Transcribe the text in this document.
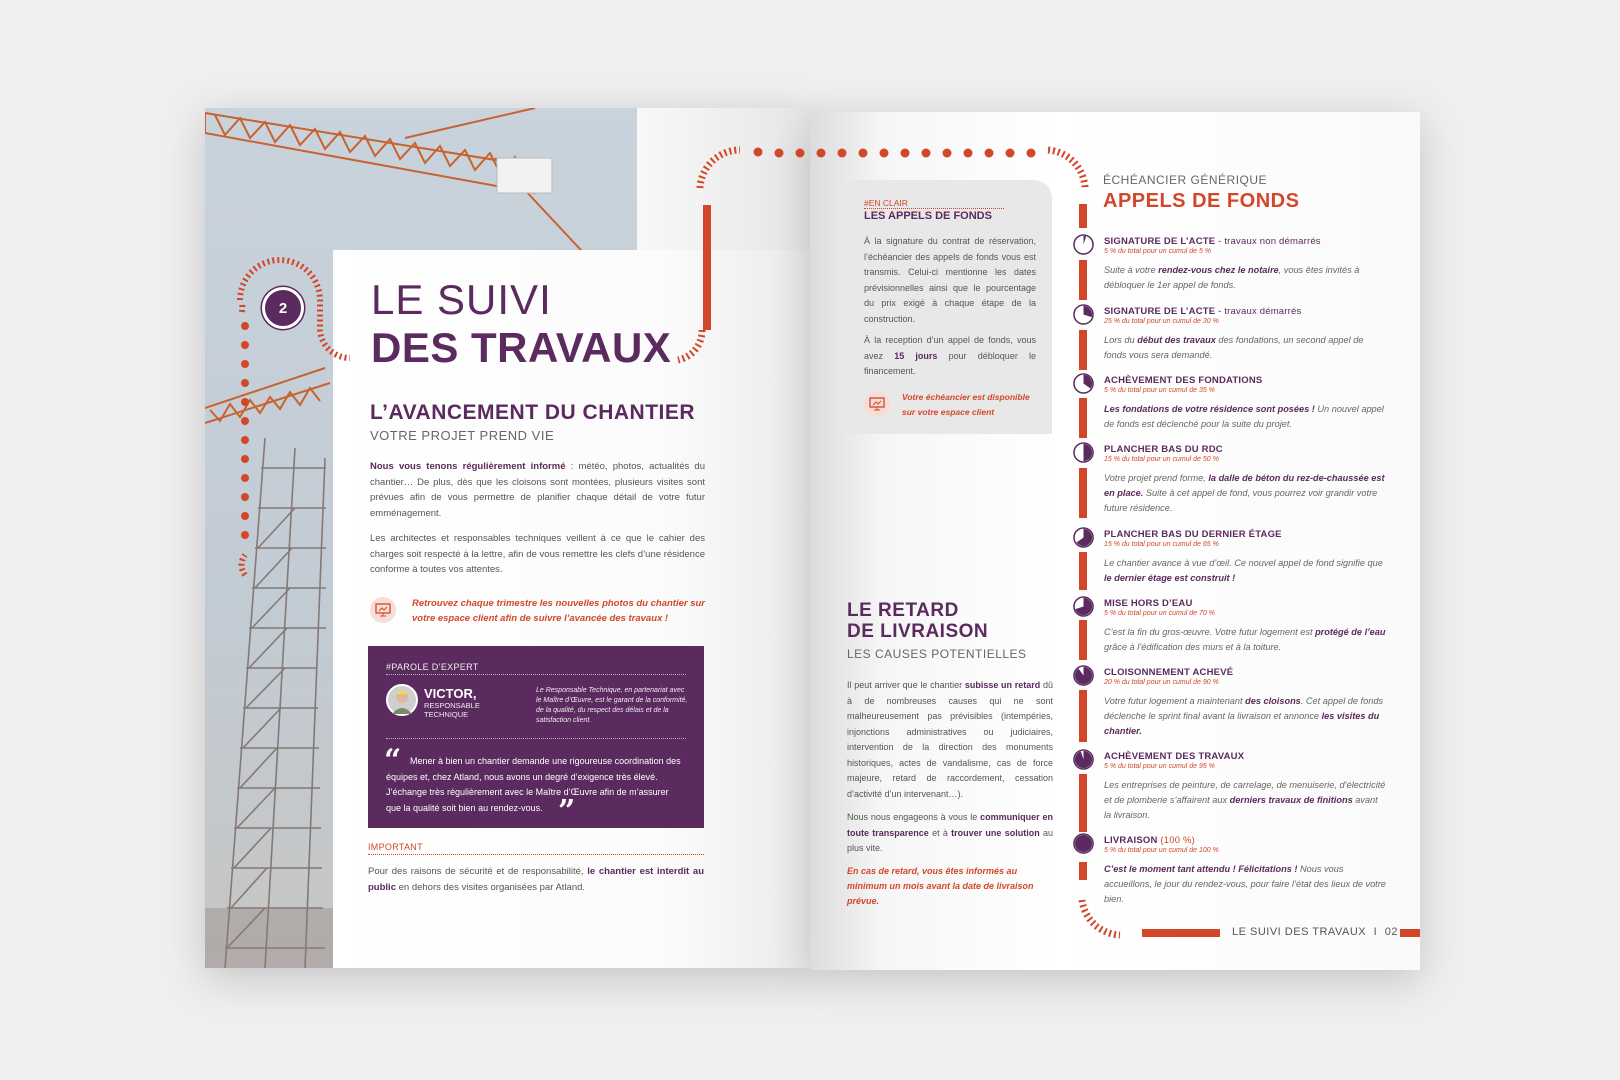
2	LE SUIVI
DES TRAVAUX
L’AVANCEMENT DU CHANTIER
VOTRE PROJET PREND VIE
Nous vous tenons régulièrement informé : météo, photos, actualités du chantier… De plus, dès que les cloisons sont montées, plusieurs visites sont prévues afin de vous permettre de planifier chaque détail de votre futur emménagement.
Les architectes et responsables techniques veillent à ce que le cahier des charges soit respecté à la lettre, afin de vous remettre les clefs d’une résidence conforme à toutes vos attentes.
Retrouvez chaque trimestre les nouvelles photos du chantier sur votre espace client afin de suivre l’avancée des travaux !
#PAROLE D’EXPERT
VICTOR,
RESPONSABLE
TECHNIQUE
Le Responsable Technique, en partenariat avec le Maître d’Œuvre, est le garant de la conformité, de la qualité, du respect des délais et de la satisfaction client.
“ Mener à bien un chantier demande une rigoureuse coordination des équipes et, chez Atland, nous avons un degré d’exigence très élevé. J’échange très régulièrement avec le Maître d’Œuvre afin de m’assurer que la qualité soit bien au rendez-vous. ”
IMPORTANT
Pour des raisons de sécurité et de responsabilité, le chantier est interdit au public en dehors des visites organisées par Atland.
#EN CLAIR
LES APPELS DE FONDS
À la signature du contrat de réservation, l’échéancier des appels de fonds vous est transmis. Celui-ci mentionne les dates prévisionnelles ainsi que le pourcentage du prix exigé à chaque étape de la construction.
À la reception d’un appel de fonds, vous avez 15 jours pour débloquer le financement.
Votre échéancier est disponible sur votre espace client
LE RETARD
DE LIVRAISON
LES CAUSES POTENTIELLES
Il peut arriver que le chantier subisse un retard dû à de nombreuses causes qui ne sont malheureusement pas prévisibles (intempéries, injonctions administratives ou judiciaires, intervention de la direction des monuments historiques, actes de vandalisme, cas de force majeure, retard de raccordement, cessation d’activité d’un intervenant…).
Nous nous engageons à vous le communiquer en toute transparence et à trouver une solution au plus vite.
En cas de retard, vous êtes informés au minimum un mois avant la date de livraison prévue.
ÉCHÉANCIER GÉNÉRIQUE
APPELS DE FONDS
SIGNATURE DE L’ACTE - travaux non démarrés
5 % du total pour un cumul de 5 %
Suite à votre rendez-vous chez le notaire, vous êtes invités à débloquer le 1er appel de fonds.
SIGNATURE DE L’ACTE - travaux démarrés
25 % du total pour un cumul de 30 %
Lors du début des travaux des fondations, un second appel de fonds vous sera demandé.
ACHÈVEMENT DES FONDATIONS
5 % du total pour un cumul de 35 %
Les fondations de votre résidence sont posées ! Un nouvel appel de fonds est déclenché pour la suite du projet.
PLANCHER BAS DU RDC
15 % du total pour un cumul de 50 %
Votre projet prend forme, la dalle de béton du rez-de-chaussée est en place. Suite à cet appel de fond, vous pourrez voir grandir votre future résidence.
PLANCHER BAS DU DERNIER ÉTAGE
15 % du total pour un cumul de 65 %
Le chantier avance à vue d’œil. Ce nouvel appel de fond signifie que le dernier étage est construit !
MISE HORS D’EAU
5 % du total pour un cumul de 70 %
C’est la fin du gros-œuvre. Votre futur logement est protégé de l’eau grâce à l’édification des murs et à la toiture.
CLOISONNEMENT ACHEVÉ
20 % du total pour un cumul de 90 %
Votre futur logement a maintenant des cloisons. Cet appel de fonds déclenche le sprint final avant la livraison et annonce les visites du chantier.
ACHÈVEMENT DES TRAVAUX
5 % du total pour un cumul de 95 %
Les entreprises de peinture, de carrelage, de menuiserie, d’électricité et de plomberie s’affairent aux derniers travaux de finitions avant la livraison.
LIVRAISON (100 %)
5 % du total pour un cumul de 100 %
C’est le moment tant attendu ! Félicitations ! Nous vous accueillons, le jour du rendez-vous, pour faire l’état des lieux de votre bien.
LE SUIVI DES TRAVAUX I 02
